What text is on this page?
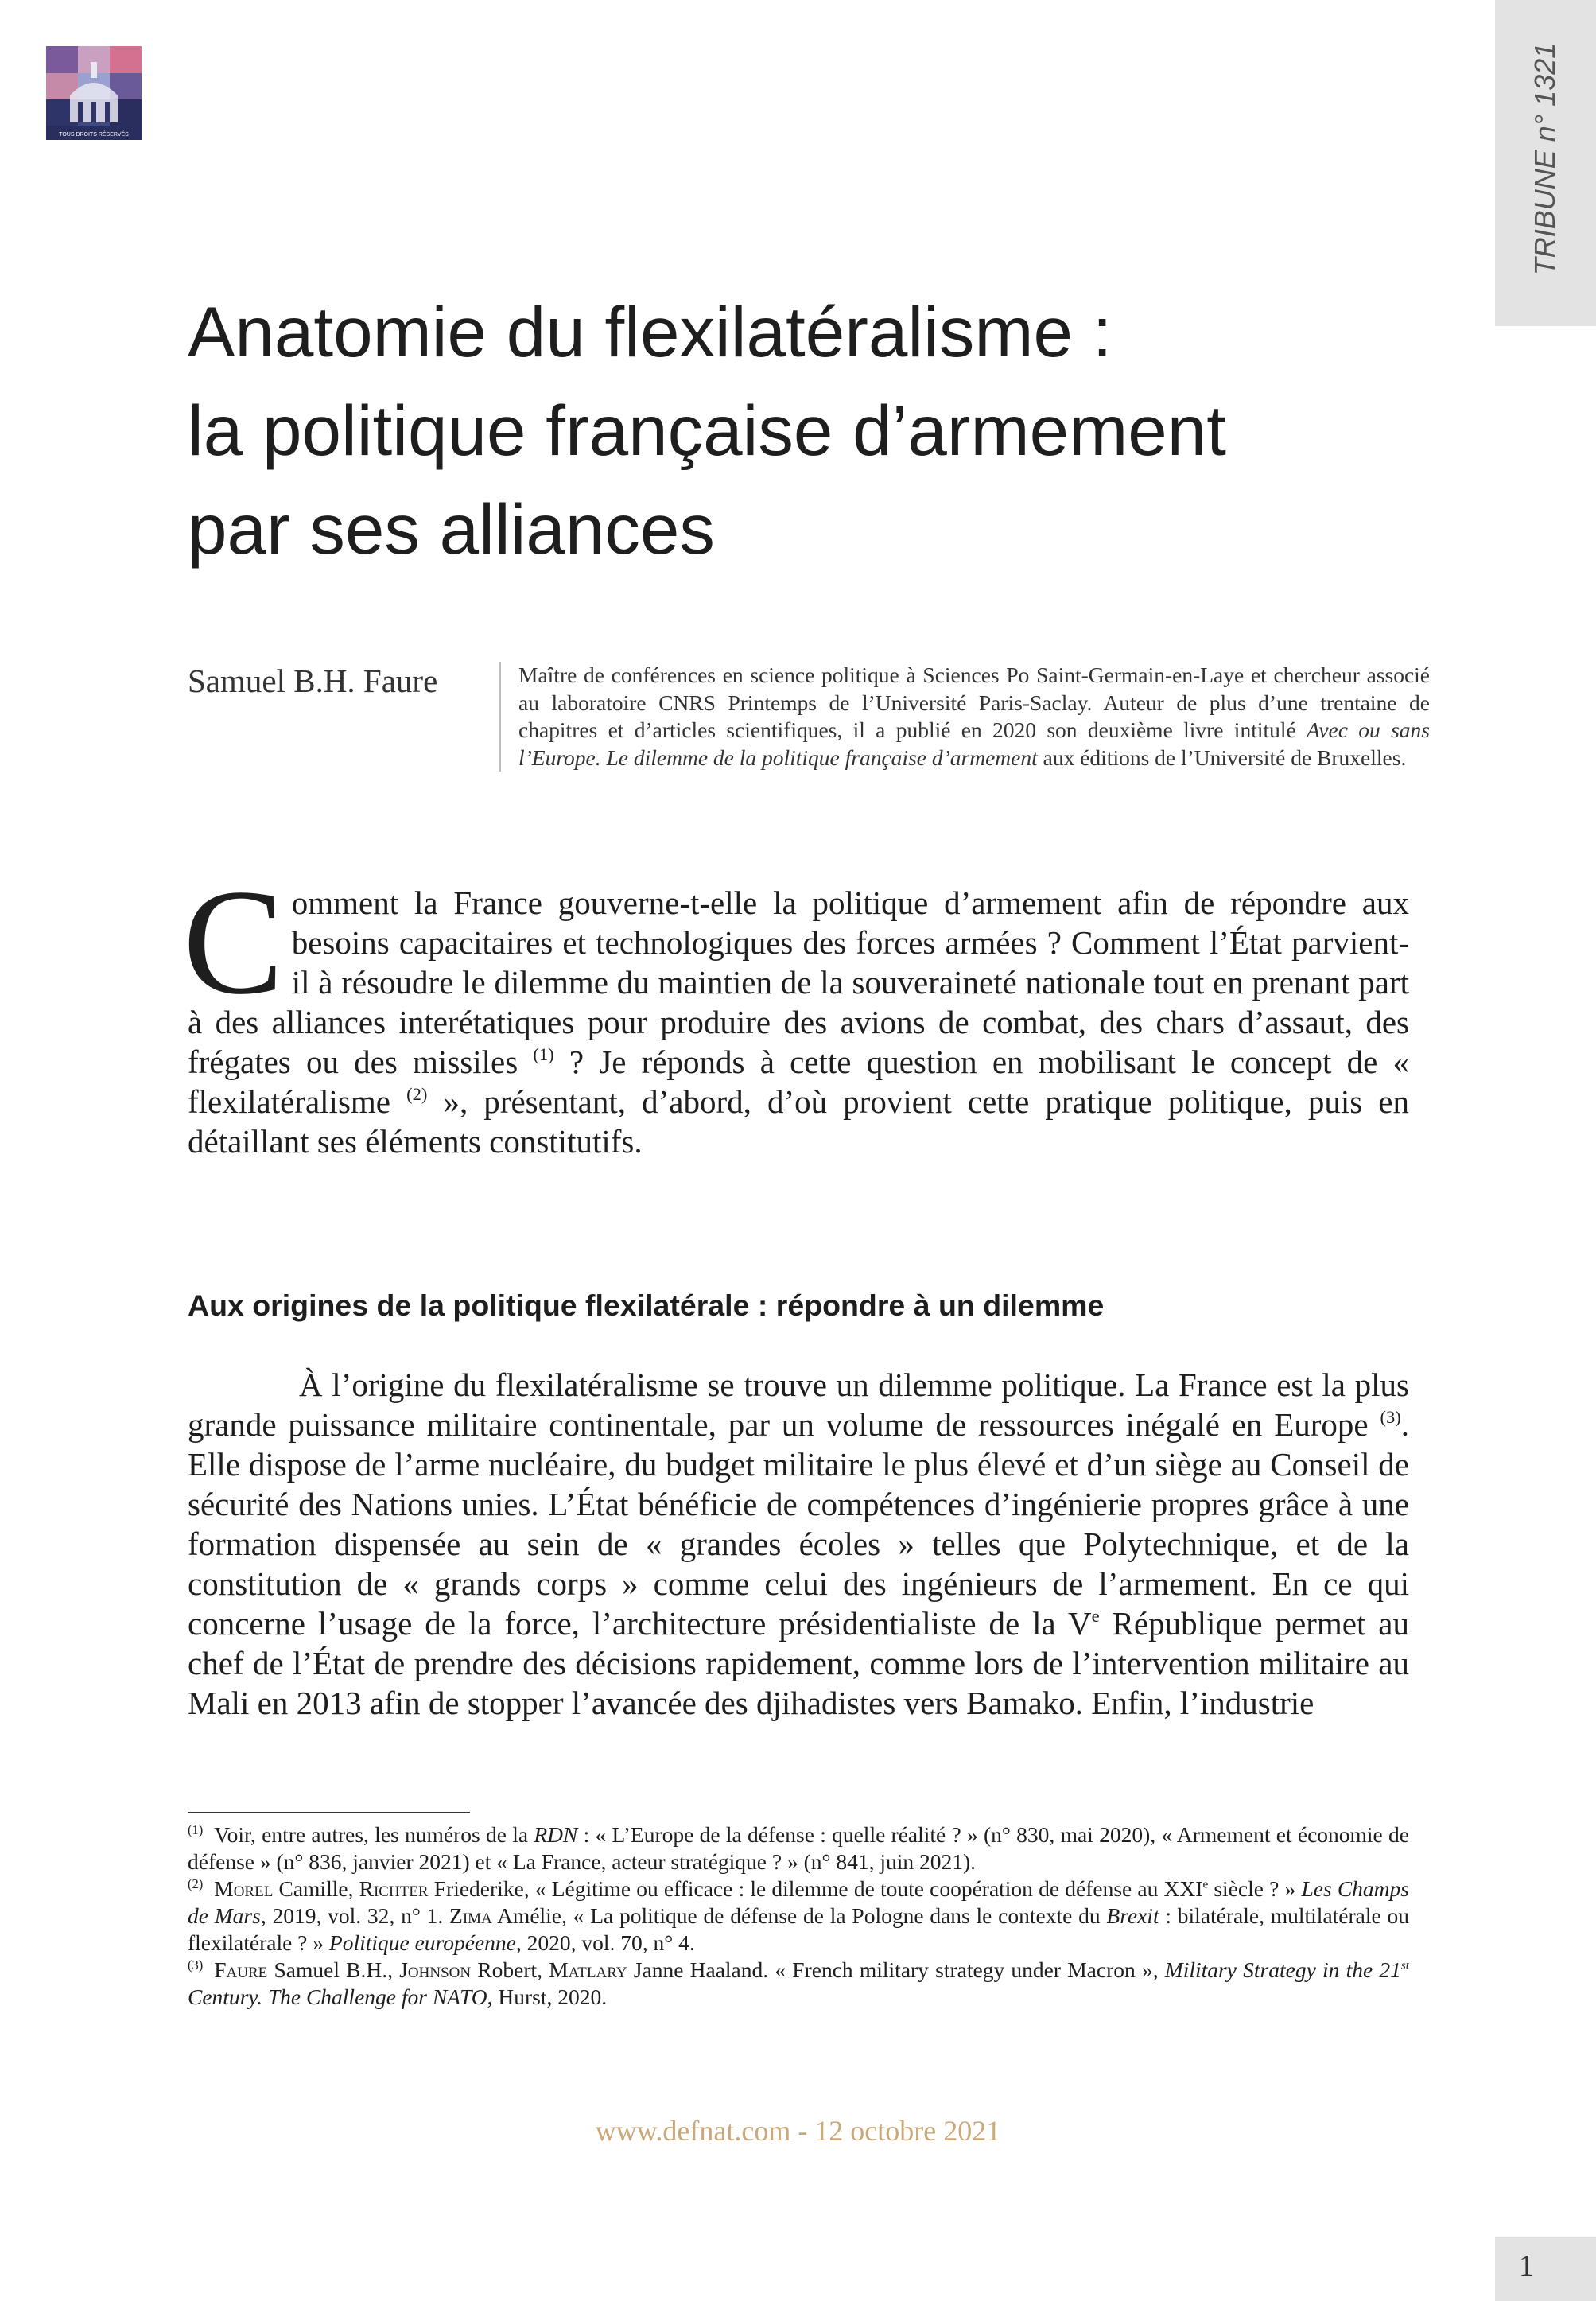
TOUS DROITS RÉSERVÉS	TRIBUNE n° 1321
Anatomie du flexilatéralisme :
la politique française d’armement
par ses alliances
Samuel B.H. Faure	Maître de conférences en science politique à Sciences Po Saint-Germain-en-Laye et chercheur associé au laboratoire CNRS Printemps de l’Université Paris-Saclay. Auteur de plus d’une trentaine de chapitres et d’articles scientifiques, il a publié en 2020 son deuxième livre intitulé Avec ou sans l’Europe. Le dilemme de la politique française d’armement aux éditions de l’Université de Bruxelles.

Comment la France gouverne-t-elle la politique d’armement afin de répondre aux besoins capacitaires et technologiques des forces armées ? Comment l’État parvient-il à résoudre le dilemme du maintien de la souveraineté nationale tout en prenant part à des alliances interétatiques pour produire des avions de combat, des chars d’assaut, des frégates ou des missiles $^{(1)}$ ? Je réponds à cette question en mobilisant le concept de « flexilatéralisme $^{(2)}$ », présentant, d’abord, d’où provient cette pratique politique, puis en détaillant ses éléments constitutifs.

Aux origines de la politique flexilatérale : répondre à un dilemme

À l’origine du flexilatéralisme se trouve un dilemme politique. La France est la plus grande puissance militaire continentale, par un volume de ressources inégalé en Europe $^{(3)}$. Elle dispose de l’arme nucléaire, du budget militaire le plus élevé et d’un siège au Conseil de sécurité des Nations unies. L’État bénéficie de compétences d’ingénierie propres grâce à une formation dispensée au sein de « grandes écoles » telles que Polytechnique, et de la constitution de « grands corps » comme celui des ingénieurs de l’armement. En ce qui concerne l’usage de la force, l’architecture présidentialiste de la Ve République permet au chef de l’État de prendre des décisions rapidement, comme lors de l’intervention militaire au Mali en 2013 afin de stopper l’avancée des djihadistes vers Bamako. Enfin, l’industrie

$^{(1)}$ Voir, entre autres, les numéros de la RDN : « L’Europe de la défense : quelle réalité ? » (n° 830, mai 2020), « Armement et économie de défense » (n° 836, janvier 2021) et « La France, acteur stratégique ? » (n° 841, juin 2021).

$^{(2)}$ Morel Camille, Richter Friederike, « Légitime ou efficace : le dilemme de toute coopération de défense au XXIe siècle ? » Les Champs de Mars, 2019, vol. 32, n° 1. Zima Amélie, « La politique de défense de la Pologne dans le contexte du Brexit : bilatérale, multilatérale ou flexilatérale ? » Politique européenne, 2020, vol. 70, n° 4.

$^{(3)}$ Faure Samuel B.H., Johnson Robert, Matlary Janne Haaland. « French military strategy under Macron », Military Strategy in the 21st Century. The Challenge for NATO, Hurst, 2020.

www.defnat.com - 12 octobre 2021
1
